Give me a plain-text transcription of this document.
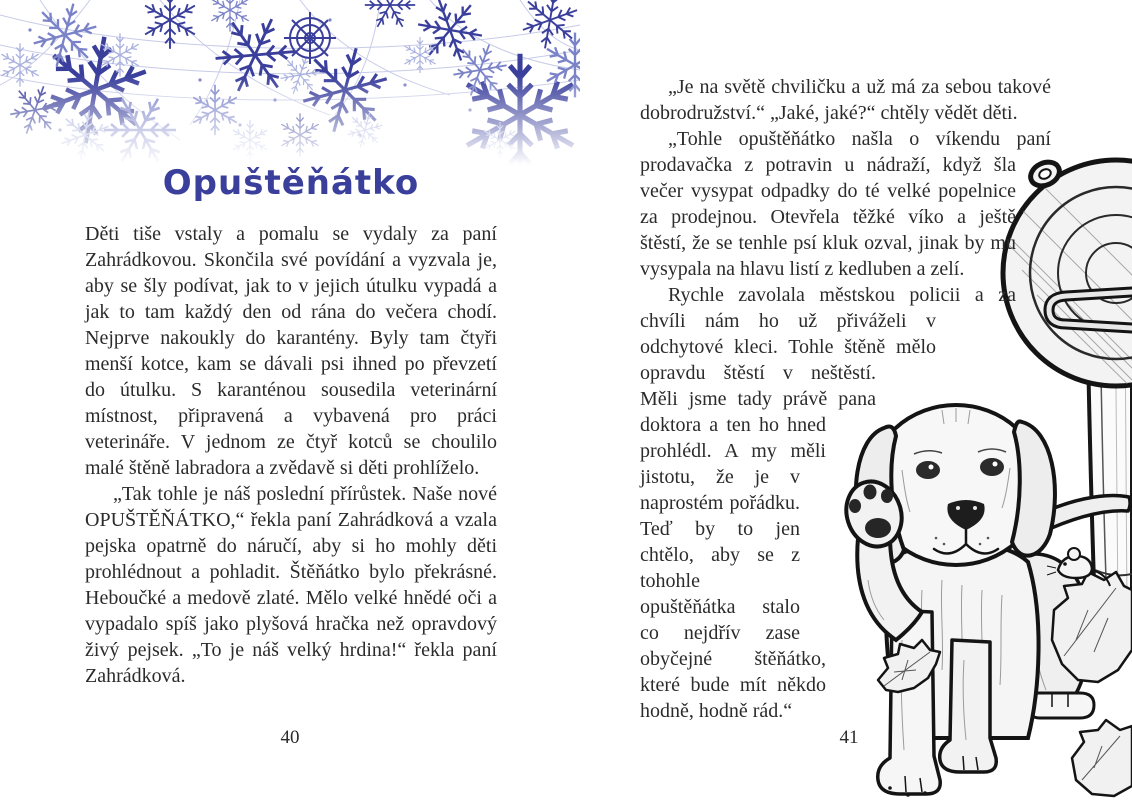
Opuštěňátko

Děti tiše vstaly a pomalu se vydaly za paní Zahrádkovou. Skončila své povídání a vyzvala je, aby se šly podívat, jak to v jejich útulku vypadá a jak to tam každý den od rána do večera chodí. Nejprve nakoukly do karantény. Byly tam čtyři menší kotce, kam se dávali psi ihned po převzetí do útulku. S karanténou sousedila veterinární místnost, připravená a vybavená pro práci veterináře. V jednom ze čtyř kotců se choulilo malé štěně labradora a zvědavě si děti prohlíželo.

„Tak tohle je náš poslední přírůstek. Naše nové OPUŠTĚŇÁTKO,“ řekla paní Zahrádková a vzala pejska opatrně do náručí, aby si ho mohly děti prohlédnout a pohladit. Štěňátko bylo překrásné. Heboučké a medově zlaté. Mělo velké hnědé oči a vypadalo spíš jako plyšová hračka než opravdový živý pejsek. „To je náš velký hrdina!“ řekla paní Zahrádková.

40

„Je na světě chviličku a už má za sebou takové dobrodružství.“ „Jaké, jaké?“ chtěly vědět děti.

„Tohle opuštěňátko našla o víkendu paní prodavačka z potravin u nádraží, když šla večer vysypat odpadky do té velké popelnice za prodejnou. Otevřela těžké víko a ještě štěstí, že se tenhle psí kluk ozval, jinak by mu vysypala na hlavu listí z kedluben a zelí.

Rychle zavolala městskou policii a za chvíli nám ho už přiváželi v odchytové kleci. Tohle štěně mělo opravdu štěstí v neštěstí. Měli jsme tady právě pana doktora a ten ho hned prohlédl. A my měli jistotu, že je v naprostém pořádku. Teď by to jen chtělo, aby se z tohohle opuštěňátka stalo co nejdřív zase obyčejné štěňátko, které bude mít někdo hodně, hodně rád.“

41
